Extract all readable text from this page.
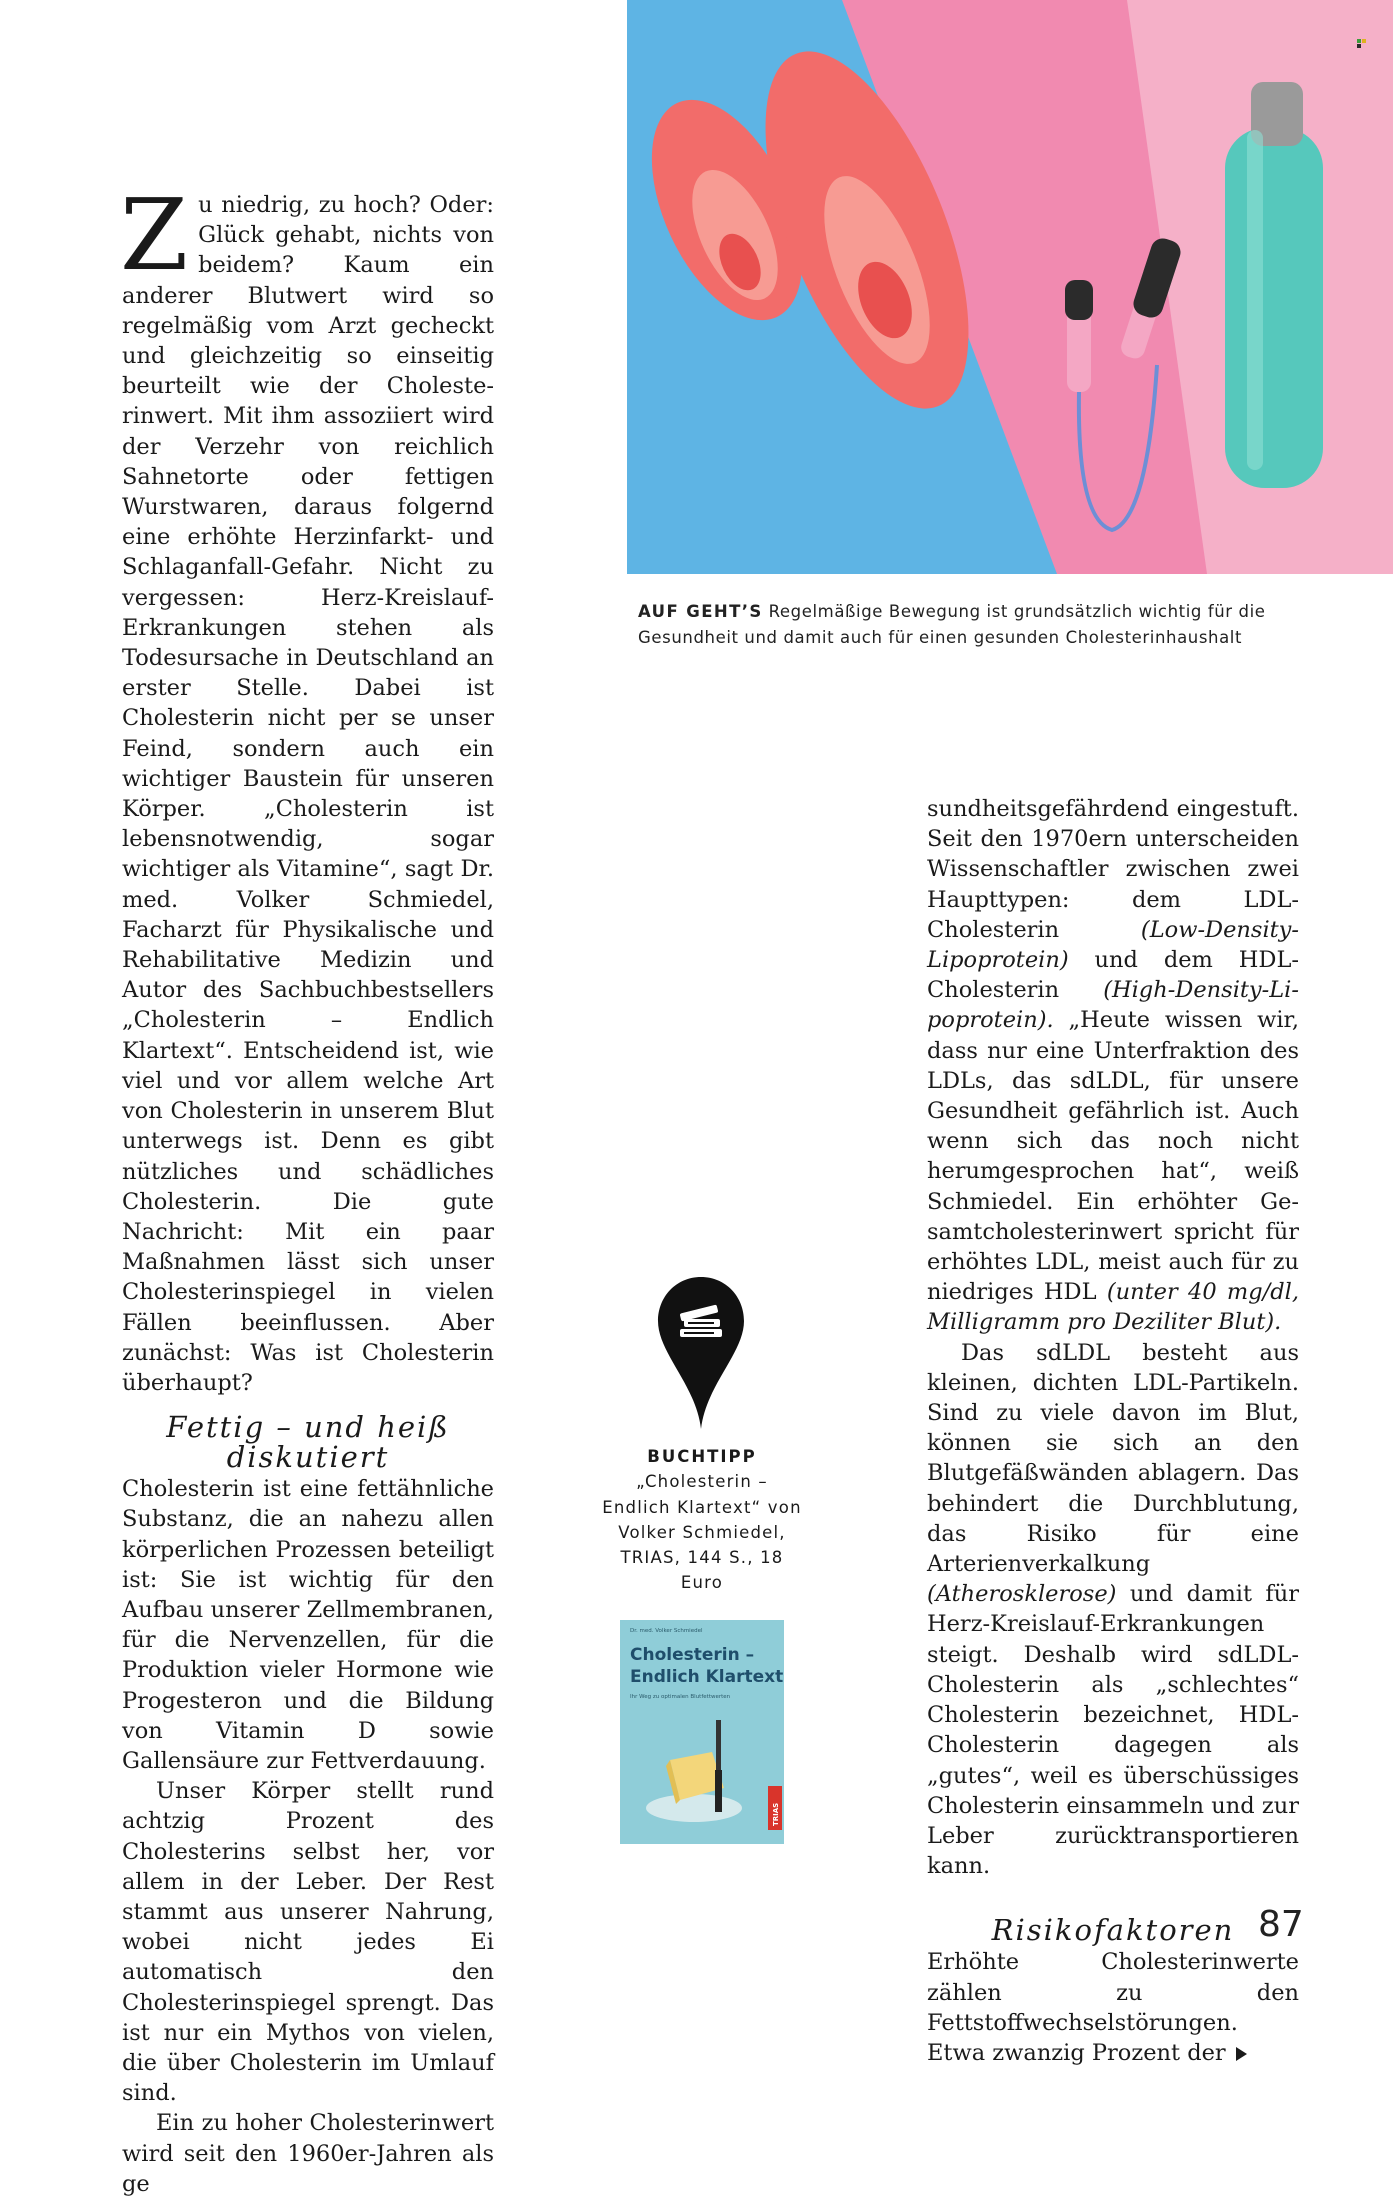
Zu niedrig, zu hoch? Oder: Glück gehabt, nichts von beidem? Kaum ein anderer Blutwert wird so regelmäßig vom Arzt gecheckt und gleichzeitig so einseitig beurteilt wie der Cholesterinwert. Mit ihm assoziiert wird der Verzehr von reichlich Sahnetorte oder fettigen Wurstwaren, daraus folgernd eine erhöhte Herzinfarkt- und Schlaganfall-Gefahr. Nicht zu vergessen: Herz-Kreislauf-Erkrankungen stehen als Todesursache in Deutschland an erster Stelle. Dabei ist Cholesterin nicht per se unser Feind, sondern auch ein wichtiger Baustein für unseren Körper. „Cholesterin ist lebensnotwendig, sogar wichtiger als Vitamine“, sagt Dr. med. Volker Schmiedel, Facharzt für Physikalische und Rehabilitative Medizin und Autor des Sachbuchbestsellers „Cholesterin – Endlich Klartext“. Entscheidend ist, wie viel und vor allem welche Art von Cholesterin in unserem Blut unterwegs ist. Denn es gibt nützliches und schädliches Cholesterin. Die gute Nachricht: Mit ein paar Maßnahmen lässt sich unser Cholesterinspiegel in vielen Fällen beeinflussen. Aber zunächst: Was ist Cholesterin überhaupt?

Fettig – und heiß diskutiert

Cholesterin ist eine fettähnliche Substanz, die an nahezu allen körperlichen Prozessen beteiligt ist: Sie ist wichtig für den Aufbau unserer Zellmembranen, für die Nervenzellen, für die Produktion vieler Hormone wie Progesteron und die Bildung von Vitamin D sowie Gallensäure zur Fettverdauung.

Unser Körper stellt rund achtzig Prozent des Cholesterins selbst her, vor allem in der Leber. Der Rest stammt aus unserer Nahrung, wobei nicht jedes Ei automatisch den Cholesterinspiegel sprengt. Das ist nur ein Mythos von vielen, die über Cholesterin im Umlauf sind.

Ein zu hoher Cholesterinwert wird seit den 1960er-Jahren als ge

AUF GEHT’S Regelmäßige Bewegung ist grundsätzlich wichtig für die Gesundheit und damit auch für einen gesunden Cholesterinhaushalt

sundheitsgefährdend eingestuft. Seit den 1970ern unterscheiden Wissenschaftler zwischen zwei Haupttypen: dem LDL-Cholesterin (Low-Density-Lipoprotein) und dem HDL-Cholesterin (High-Density-Lipoprotein). „Heute wissen wir, dass nur eine Unterfraktion des LDLs, das sdLDL, für unsere Gesundheit gefährlich ist. Auch wenn sich das noch nicht herumgesprochen hat“, weiß Schmiedel. Ein erhöhter Gesamtcholesterinwert spricht für erhöhtes LDL, meist auch für zu niedriges HDL (unter 40 mg/dl, Milligramm pro Deziliter Blut).

Das sdLDL besteht aus kleinen, dichten LDL-Partikeln. Sind zu viele davon im Blut, können sie sich an den Blutgefäßwänden ablagern. Das behindert die Durchblutung, das Risiko für eine Arterienverkalkung (Atherosklerose) und damit für Herz-Kreislauf-Erkrankungen steigt. Deshalb wird sdLDL-Cholesterin als „schlechtes“ Cholesterin bezeichnet, HDL-Cholesterin dagegen als „gutes“, weil es überschüssiges Cholesterin einsammeln und zur Leber zurücktransportieren kann.

Risikofaktoren

Erhöhte Cholesterinwerte zählen zu den Fettstoffwechselstörungen. Etwa zwanzig Prozent der

BUCHTIPP
„Cholesterin – Endlich Klartext“ von Volker Schmiedel, TRIAS, 144 S., 18 Euro
Dr. med. Volker Schmiedel
Cholesterin –
Endlich Klartext
Ihr Weg zu optimalen Blutfettwerten
TRIAS
87
